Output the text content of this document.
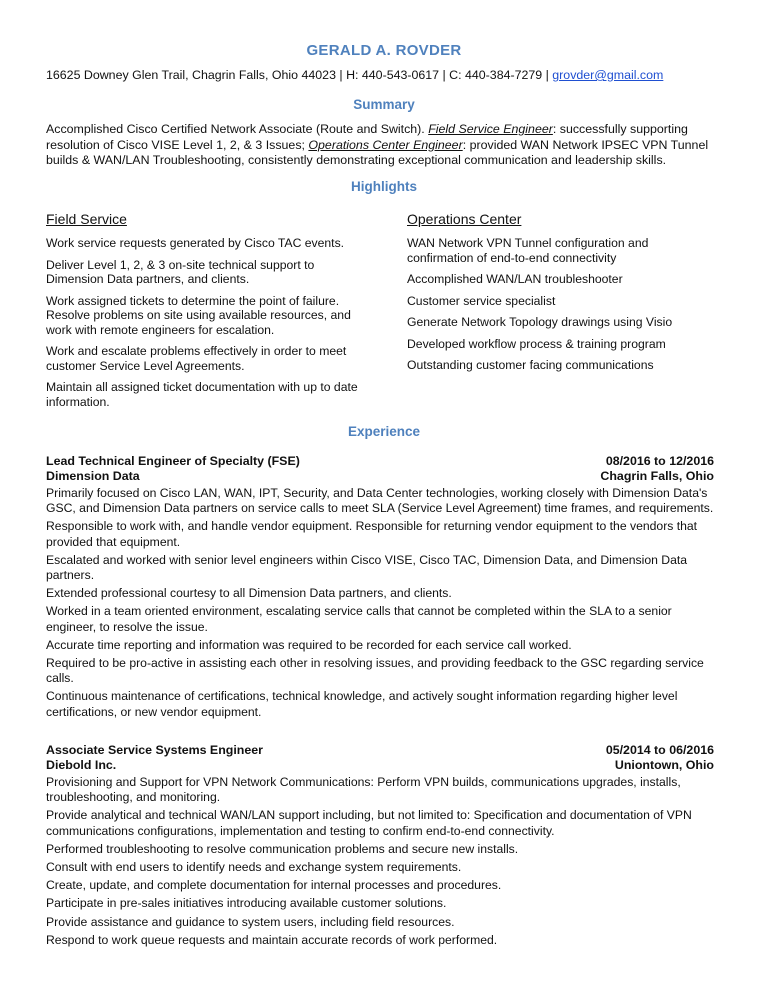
GERALD A. ROVDER
16625 Downey Glen Trail, Chagrin Falls, Ohio 44023 | H: 440-543-0617 | C: 440-384-7279 | grovder@gmail.com
Summary
Accomplished Cisco Certified Network Associate (Route and Switch). Field Service Engineer: successfully supporting resolution of Cisco VISE Level 1, 2, & 3 Issues; Operations Center Engineer: provided WAN Network IPSEC VPN Tunnel builds & WAN/LAN Troubleshooting, consistently demonstrating exceptional communication and leadership skills.
Highlights
Field Service
Work service requests generated by Cisco TAC events.
Deliver Level 1, 2, & 3 on-site technical support to Dimension Data partners, and clients.
Work assigned tickets to determine the point of failure. Resolve problems on site using available resources, and work with remote engineers for escalation.
Work and escalate problems effectively in order to meet customer Service Level Agreements.
Maintain all assigned ticket documentation with up to date information.
Operations Center
WAN Network VPN Tunnel configuration and confirmation of end-to-end connectivity
Accomplished WAN/LAN troubleshooter
Customer service specialist
Generate Network Topology drawings using Visio
Developed workflow process & training program
Outstanding customer facing communications
Experience
Lead Technical Engineer of Specialty (FSE)	08/2016 to 12/2016
Dimension Data	Chagrin Falls, Ohio
Primarily focused on Cisco LAN, WAN, IPT, Security, and Data Center technologies, working closely with Dimension Data's GSC, and Dimension Data partners on service calls to meet SLA (Service Level Agreement) time frames, and requirements.
Responsible to work with, and handle vendor equipment. Responsible for returning vendor equipment to the vendors that provided that equipment.
Escalated and worked with senior level engineers within Cisco VISE, Cisco TAC, Dimension Data, and Dimension Data partners.
Extended professional courtesy to all Dimension Data partners, and clients.
Worked in a team oriented environment, escalating service calls that cannot be completed within the SLA to a senior engineer, to resolve the issue.
Accurate time reporting and information was required to be recorded for each service call worked.
Required to be pro-active in assisting each other in resolving issues, and providing feedback to the GSC regarding service calls.
Continuous maintenance of certifications, technical knowledge, and actively sought information regarding higher level certifications, or new vendor equipment.
Associate Service Systems Engineer	05/2014 to 06/2016
Diebold Inc.	Uniontown, Ohio
Provisioning and Support for VPN Network Communications: Perform VPN builds, communications upgrades, installs, troubleshooting, and monitoring.
Provide analytical and technical WAN/LAN support including, but not limited to: Specification and documentation of VPN communications configurations, implementation and testing to confirm end-to-end connectivity.
Performed troubleshooting to resolve communication problems and secure new installs.
Consult with end users to identify needs and exchange system requirements.
Create, update, and complete documentation for internal processes and procedures.
Participate in pre-sales initiatives introducing available customer solutions.
Provide assistance and guidance to system users, including field resources.
Respond to work queue requests and maintain accurate records of work performed.
